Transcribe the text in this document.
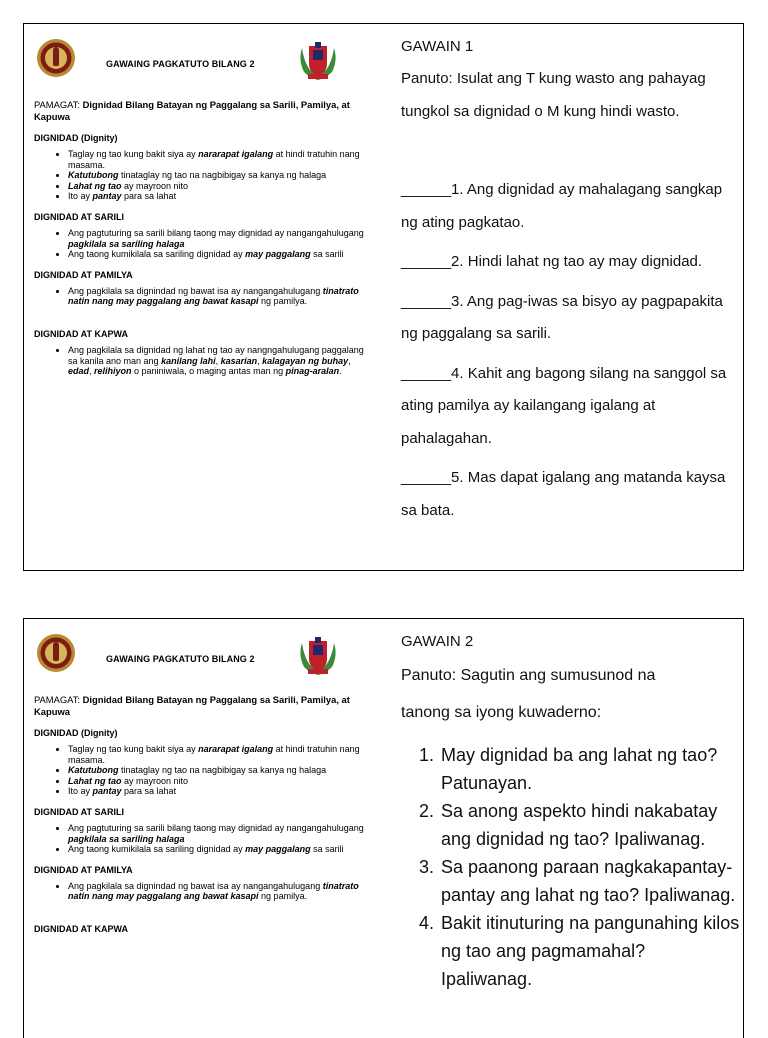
GAWAING PAGKATUTO BILANG 2
PAMAGAT: Dignidad Bilang Batayan ng Paggalang sa Sarili, Pamilya, at Kapuwa
DIGNIDAD (Dignity)
• Taglay ng tao kung bakit siya ay nararapat igalang at hindi tratuhin nang masama.
• Katutubong tinataglay ng tao na nagbibigay sa kanya ng halaga
• Lahat ng tao ay mayroon nito
• Ito ay pantay para sa lahat
DIGNIDAD AT SARILI
• Ang pagtuturing sa sarili bilang taong may dignidad ay nangangahulugang pagkilala sa sariling halaga
• Ang taong kumikilala sa sariling dignidad ay may paggalang sa sarili
DIGNIDAD AT PAMILYA
• Ang pagkilala sa dignindad ng bawat isa ay nangangahulugang tinatrato natin nang may paggalang ang bawat kasapi ng pamilya.
DIGNIDAD AT KAPWA
• Ang pagkilala sa dignidad ng lahat ng tao ay nangngahulugang paggalang sa kanila ano man ang kanilang lahi, kasarian, kalagayan ng buhay, edad, relihiyon o paniniwala, o maging antas man ng pinag-aralan.
GAWAIN 1
Panuto: Isulat ang T kung wasto ang pahayag
tungkol sa dignidad o M kung hindi wasto.
______1. Ang dignidad ay mahalagang sangkap
ng ating pagkatao.
______2. Hindi lahat ng tao ay may dignidad.
______3. Ang pag-iwas sa bisyo ay pagpapakita
ng paggalang sa sarili.
______4. Kahit ang bagong silang na sanggol sa
ating pamilya ay kailangang igalang at
pahalagahan.
______5. Mas dapat igalang ang matanda kaysa
sa bata.
GAWAING PAGKATUTO BILANG 2
PAMAGAT: Dignidad Bilang Batayan ng Paggalang sa Sarili, Pamilya, at Kapuwa
DIGNIDAD (Dignity)
• Taglay ng tao kung bakit siya ay nararapat igalang at hindi tratuhin nang masama.
• Katutubong tinataglay ng tao na nagbibigay sa kanya ng halaga
• Lahat ng tao ay mayroon nito
• Ito ay pantay para sa lahat
DIGNIDAD AT SARILI
• Ang pagtuturing sa sarili bilang taong may dignidad ay nangangahulugang pagkilala sa sariling halaga
• Ang taong kumikilala sa sariling dignidad ay may paggalang sa sarili
DIGNIDAD AT PAMILYA
• Ang pagkilala sa dignindad ng bawat isa ay nangangahulugang tinatrato natin nang may paggalang ang bawat kasapi ng pamilya.
DIGNIDAD AT KAPWA
GAWAIN 2
Panuto: Sagutin ang sumusunod na
tanong sa iyong kuwaderno:
1. May dignidad ba ang lahat ng tao? Patunayan.
2. Sa anong aspekto hindi nakabatay ang dignidad ng tao? Ipaliwanag.
3. Sa paanong paraan nagkakapantay-pantay ang lahat ng tao? Ipaliwanag.
4. Bakit itinuturing na pangunahing kilos ng tao ang pagmamahal? Ipaliwanag.
